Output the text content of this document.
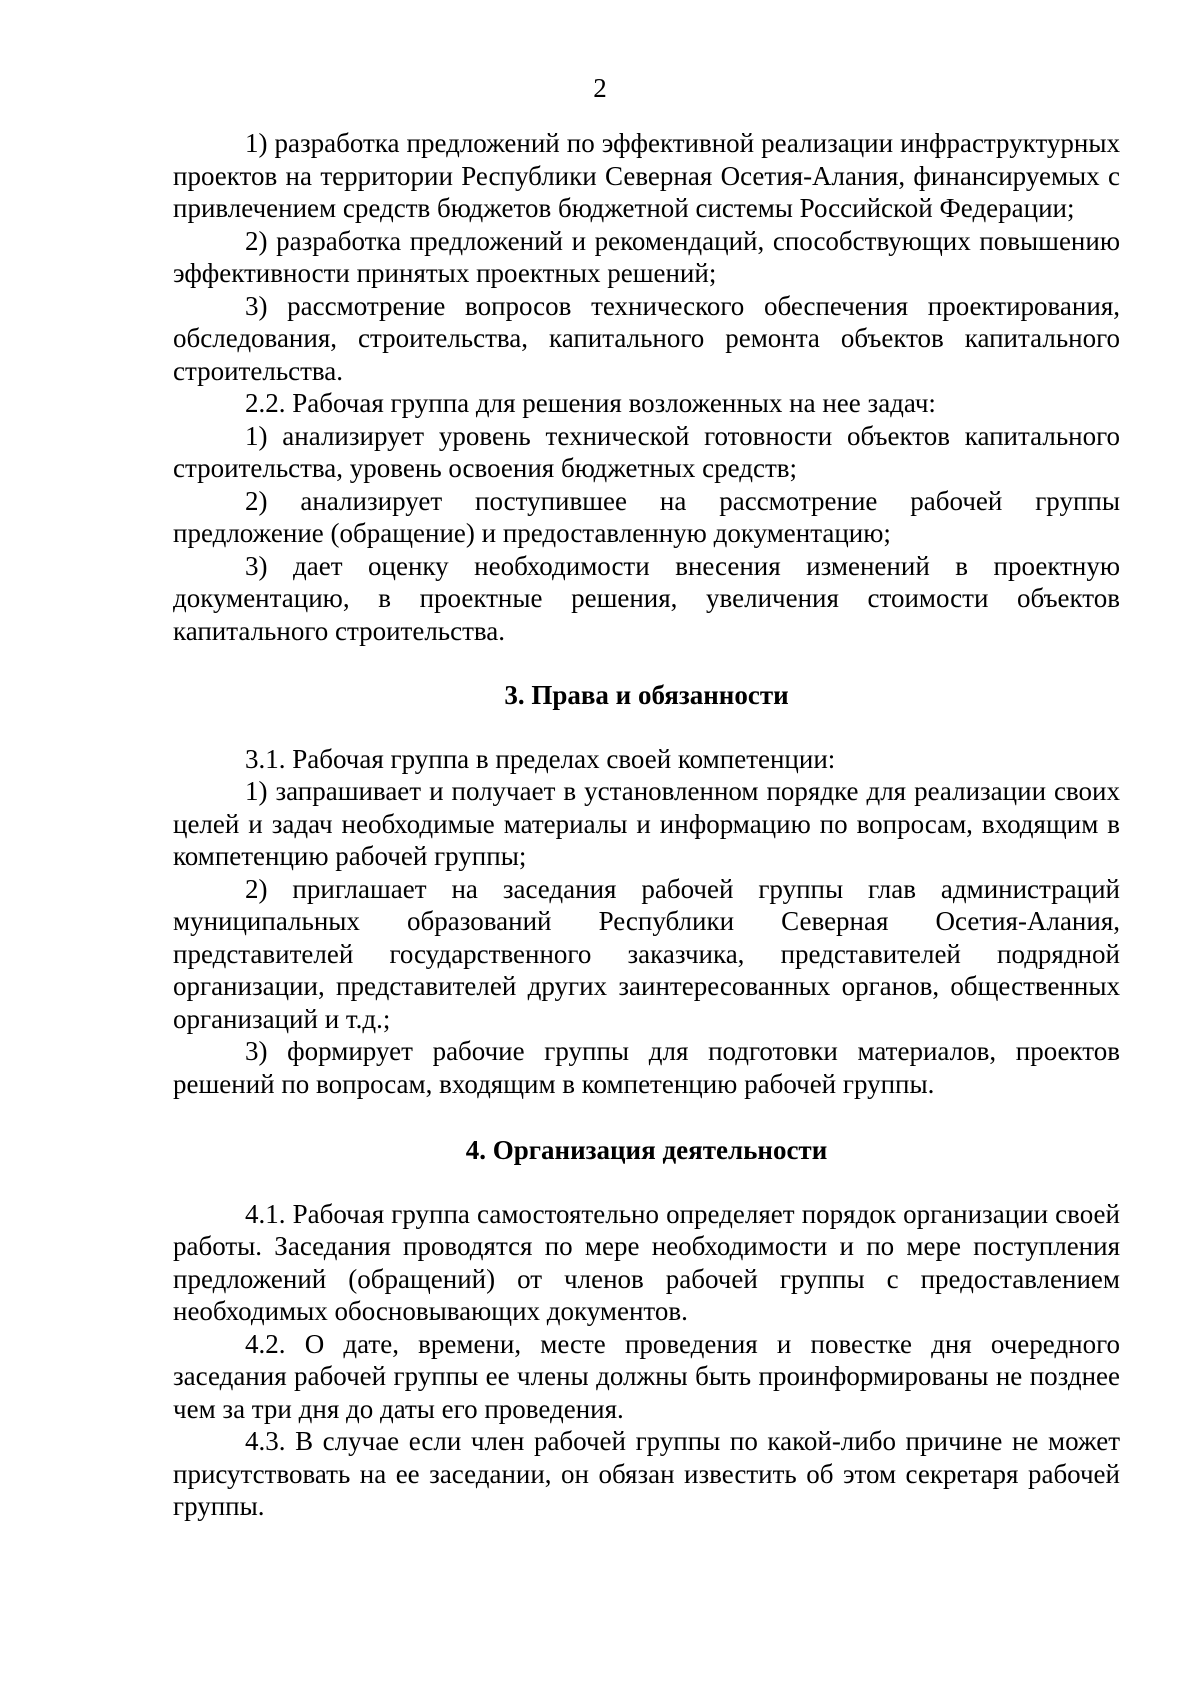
2

1) разработка предложений по эффективной реализации инфраструктурных проектов на территории Республики Северная Осетия-Алания, финансируемых с привлечением средств бюджетов бюджетной системы Российской Федерации;

2) разработка предложений и рекомендаций, способствующих повышению эффективности принятых проектных решений;

3) рассмотрение вопросов технического обеспечения проектирования, обследования, строительства, капитального ремонта объектов капитального строительства.

2.2. Рабочая группа для решения возложенных на нее задач:

1) анализирует уровень технической готовности объектов капитального строительства, уровень освоения бюджетных средств;

2) анализирует поступившее на рассмотрение рабочей группы предложение (обращение) и предоставленную документацию;

3) дает оценку необходимости внесения изменений в проектную документацию, в проектные решения, увеличения стоимости объектов капитального строительства.

3. Права и обязанности

3.1. Рабочая группа в пределах своей компетенции:

1) запрашивает и получает в установленном порядке для реализации своих целей и задач необходимые материалы и информацию по вопросам, входящим в компетенцию рабочей группы;

2) приглашает на заседания рабочей группы глав администраций муниципальных образований Республики Северная Осетия-Алания, представителей государственного заказчика, представителей подрядной организации, представителей других заинтересованных органов, общественных организаций и т.д.;

3) формирует рабочие группы для подготовки материалов, проектов решений по вопросам, входящим в компетенцию рабочей группы.

4. Организация деятельности

4.1. Рабочая группа самостоятельно определяет порядок организации своей работы. Заседания проводятся по мере необходимости и по мере поступления предложений (обращений) от членов рабочей группы с предоставлением необходимых обосновывающих документов.

4.2. О дате, времени, месте проведения и повестке дня очередного заседания рабочей группы ее члены должны быть проинформированы не позднее чем за три дня до даты его проведения.

4.3. В случае если член рабочей группы по какой-либо причине не может присутствовать на ее заседании, он обязан известить об этом секретаря рабочей группы.
